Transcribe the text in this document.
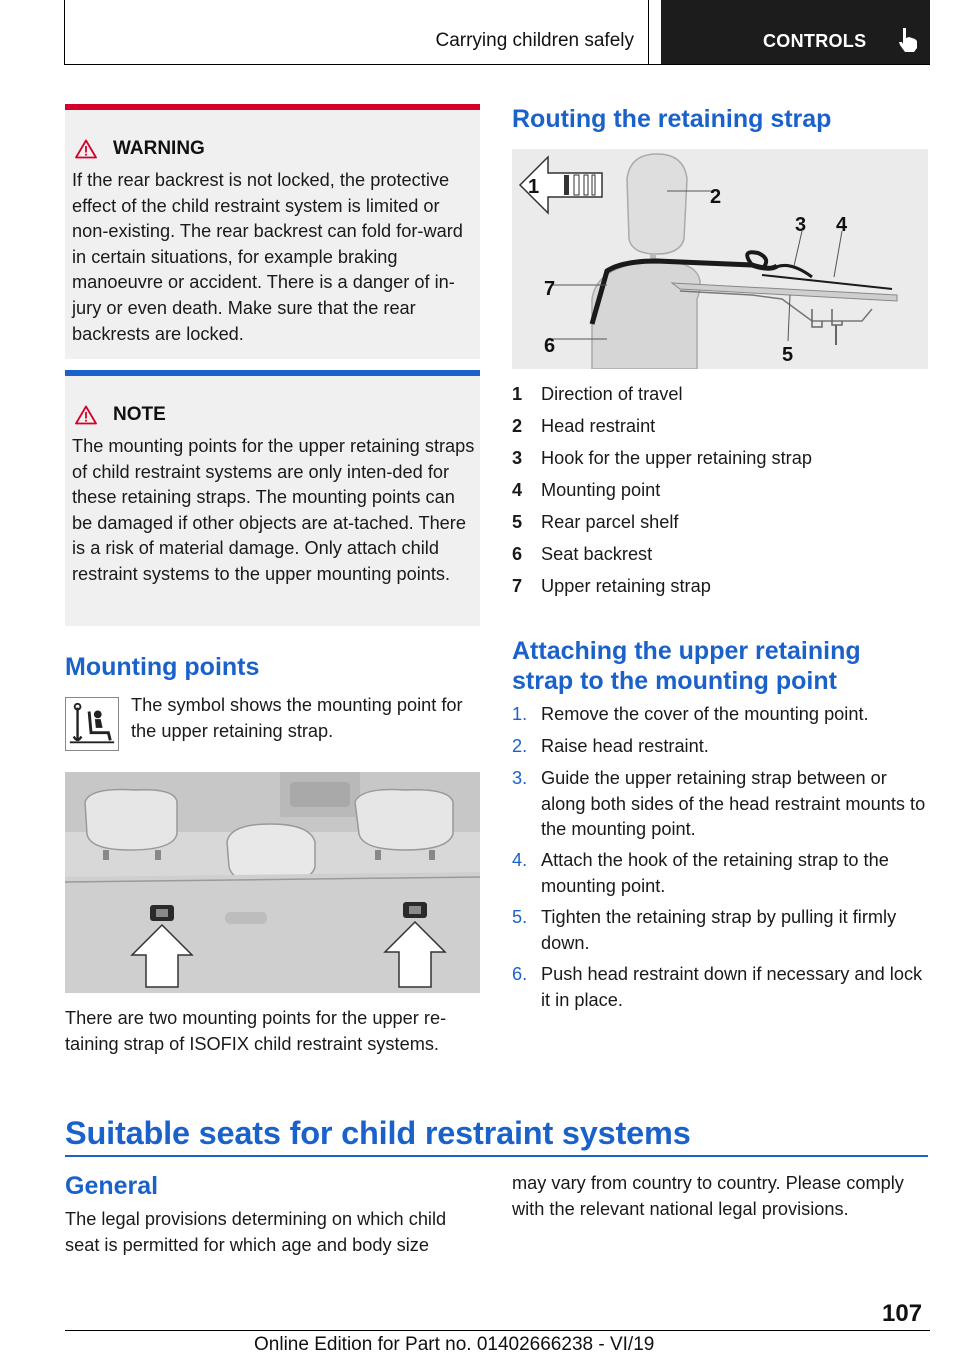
Carrying children safely	CONTROLS
WARNING

If the rear backrest is not locked, the protective effect of the child restraint system is limited or non-existing. The rear backrest can fold for-ward in certain situations, for example braking manoeuvre or accident. There is a danger of in-jury or even death. Make sure that the rear backrests are locked.

NOTE

The mounting points for the upper retaining straps of child restraint systems are only inten-ded for these retaining straps. The mounting points can be damaged if other objects are at-tached. There is a risk of material damage. Only attach child restraint systems to the upper mounting points.

Mounting points
The symbol shows the mounting point for the upper retaining strap.
There are two mounting points for the upper re-taining strap of ISOFIX child restraint systems.
Routing the retaining strap
1	2
3 4
5
6
7
1	Direction of travel
2	Head restraint
3	Hook for the upper retaining strap
4	Mounting point
5	Rear parcel shelf
6	Seat backrest
7	Upper retaining strap
Attaching the upper retaining
strap to the mounting point
1. Remove the cover of the mounting point.
2. Raise head restraint.
3. Guide the upper retaining strap between or along both sides of the head restraint mounts to the mounting point.
4. Attach the hook of the retaining strap to the mounting point.
5. Tighten the retaining strap by pulling it firmly down.
6. Push head restraint down if necessary and lock it in place.
Suitable seats for child restraint systems
General
The legal provisions determining on which child seat is permitted for which age and body size
may vary from country to country. Please comply with the relevant national legal provisions.
107
Online Edition for Part no. 01402666238 - VI/19
